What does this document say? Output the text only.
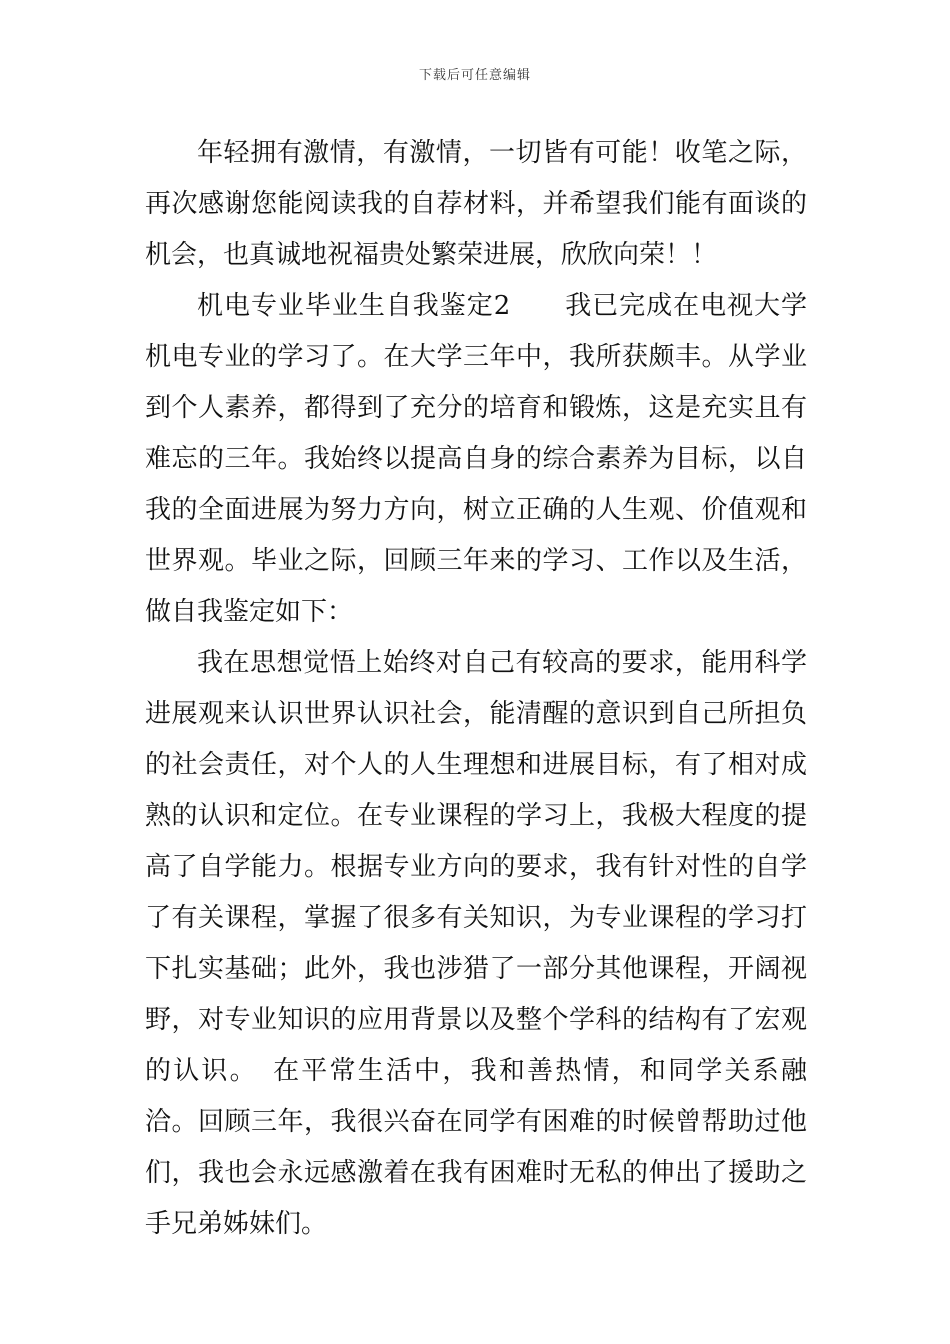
下载后可任意编辑

年轻拥有激情，有激情，一切皆有可能！收笔之际，再次感谢您能阅读我的自荐材料，并希望我们能有面谈的机会，也真诚地祝福贵处繁荣进展，欣欣向荣！！

机电专业毕业生自我鉴定2　　我已完成在电视大学机电专业的学习了。在大学三年中，我所获颇丰。从学业到个人素养，都得到了充分的培育和锻炼，这是充实且有难忘的三年。我始终以提高自身的综合素养为目标，以自我的全面进展为努力方向，树立正确的人生观、价值观和世界观。毕业之际，回顾三年来的学习、工作以及生活，做自我鉴定如下：

我在思想觉悟上始终对自己有较高的要求，能用科学进展观来认识世界认识社会，能清醒的意识到自己所担负的社会责任，对个人的人生理想和进展目标，有了相对成熟的认识和定位。在专业课程的学习上，我极大程度的提高了自学能力。根据专业方向的要求，我有针对性的自学了有关课程，掌握了很多有关知识，为专业课程的学习打下扎实基础；此外，我也涉猎了一部分其他课程，开阔视野，对专业知识的应用背景以及整个学科的结构有了宏观的认识。　在平常生活中，我和善热情，和同学关系融洽。回顾三年，我很兴奋在同学有困难的时候曾帮助过他们，我也会永远感激着在我有困难时无私的伸出了援助之手兄弟姊妹们。
